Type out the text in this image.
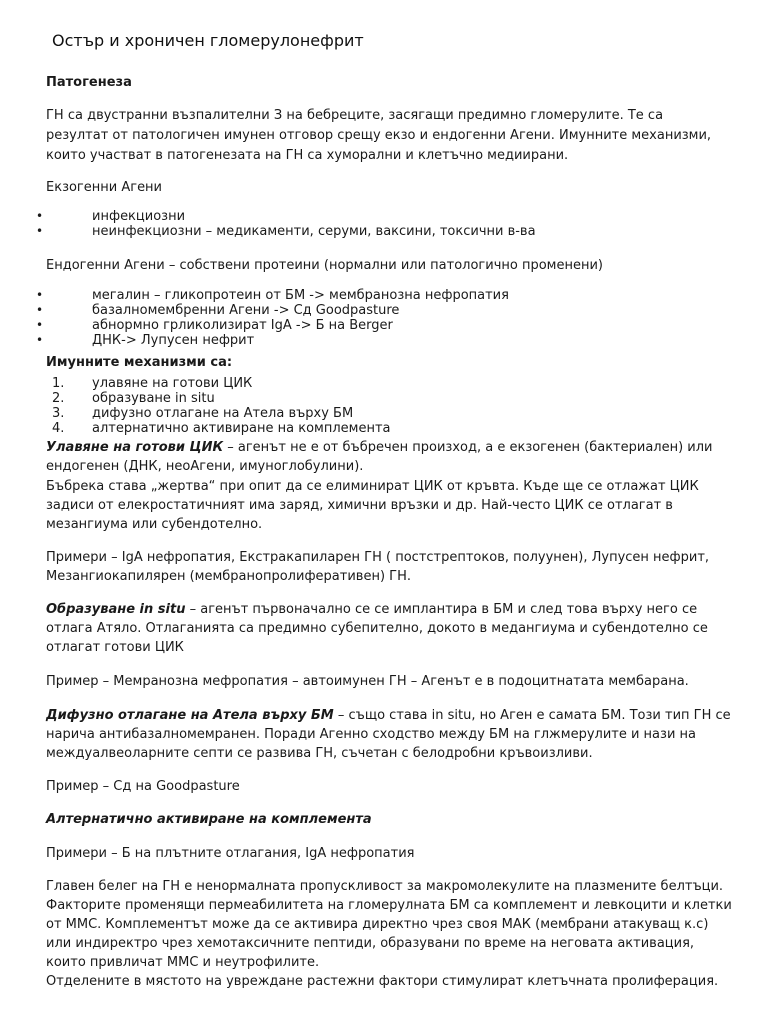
Остър и хроничен гломерулонефрит
Патогенеза
ГН са двустранни възпалителни З на бебреците, засягащи предимно гломерулите. Те са резултат от патологичен имунен отговор срещу екзо и ендогенни Агени. Имунните механизми, които участват в патогенезата на ГН са хуморални и клетъчно медиирани.
Екзогенни Агени
•	инфекциозни
•	неинфекциозни – медикаменти, серуми, ваксини, токсични в-ва
Ендогенни Агени – собствени протеини (нормални или патологично променени)
•	мегалин – гликопротеин от БМ -> мембранозна нефропатия
•	базалномембренни Агени -> Сд Goodpasture
•	абнормно грликолизират IgA -> Б на Berger
•	ДНК-> Лупусен нефрит
Имунните механизми са:
1. улавяне на готови ЦИК
2. образуване in situ
3. дифузно отлагане на Атела върху БМ
4. алтернатично активиране на комплемента
Улавяне на готови ЦИК – агенът не е от бъбречен произход, а е екзогенен (бактериален) или ендогенен (ДНК, неоАгени, имуноглобулини).
Бъбрека става „жертва“ при опит да се елиминират ЦИК от кръвта. Къде ще се отлажат ЦИК задиси от елекростатичният има заряд, химични връзки и др. Най-често ЦИК се отлагат в мезангиума или субендотелно.
Примери – IgA нефропатия, Екстракапиларен ГН ( постстрептоков, полуунен), Лупусен нефрит, Мезангиокапилярен (мембранопролиферативен) ГН.
Образуване in situ – агенът първоначално се се имплантира в БМ и след това върху него се отлага Атяло. Отлаганията са предимно субепително, докото в медангиума и субендотелно се отлагат готови ЦИК
Пример – Мемранозна мефропатия – автоимунен ГН – Агенът е в подоцитнатата мембарана.
Дифузно отлагане на Атела върху БМ – също става in situ, но Аген е самата БМ. Този тип ГН се нарича антибазалномемранен. Поради Агенно сходство между БМ на глжмерулите и нази на междуалвеоларните септи се развива ГН, съчетан с белодробни кръвоизливи.
Пример – Сд на Goodpasture
Алтернатично активиране на комплемента
Примери – Б на плътните отлагания, IgA нефропатия
Главен белег на ГН е ненормалната пропускливост за макромолекулите на плазмените белтъци. Факторите променящи пермеабилитета на гломерулната БМ са комплемент и левкоцити и клетки от ММС. Комплементът може да се активира директно чрез своя МАК (мембрани атакуващ к.с) или индиректро чрез хемотаксичните пептиди, образувани по време на неговата активация, които привличат ММС и неутрофилите.
Отделените в мястото на увреждане растежни фактори стимулират клетъчната пролиферация.
